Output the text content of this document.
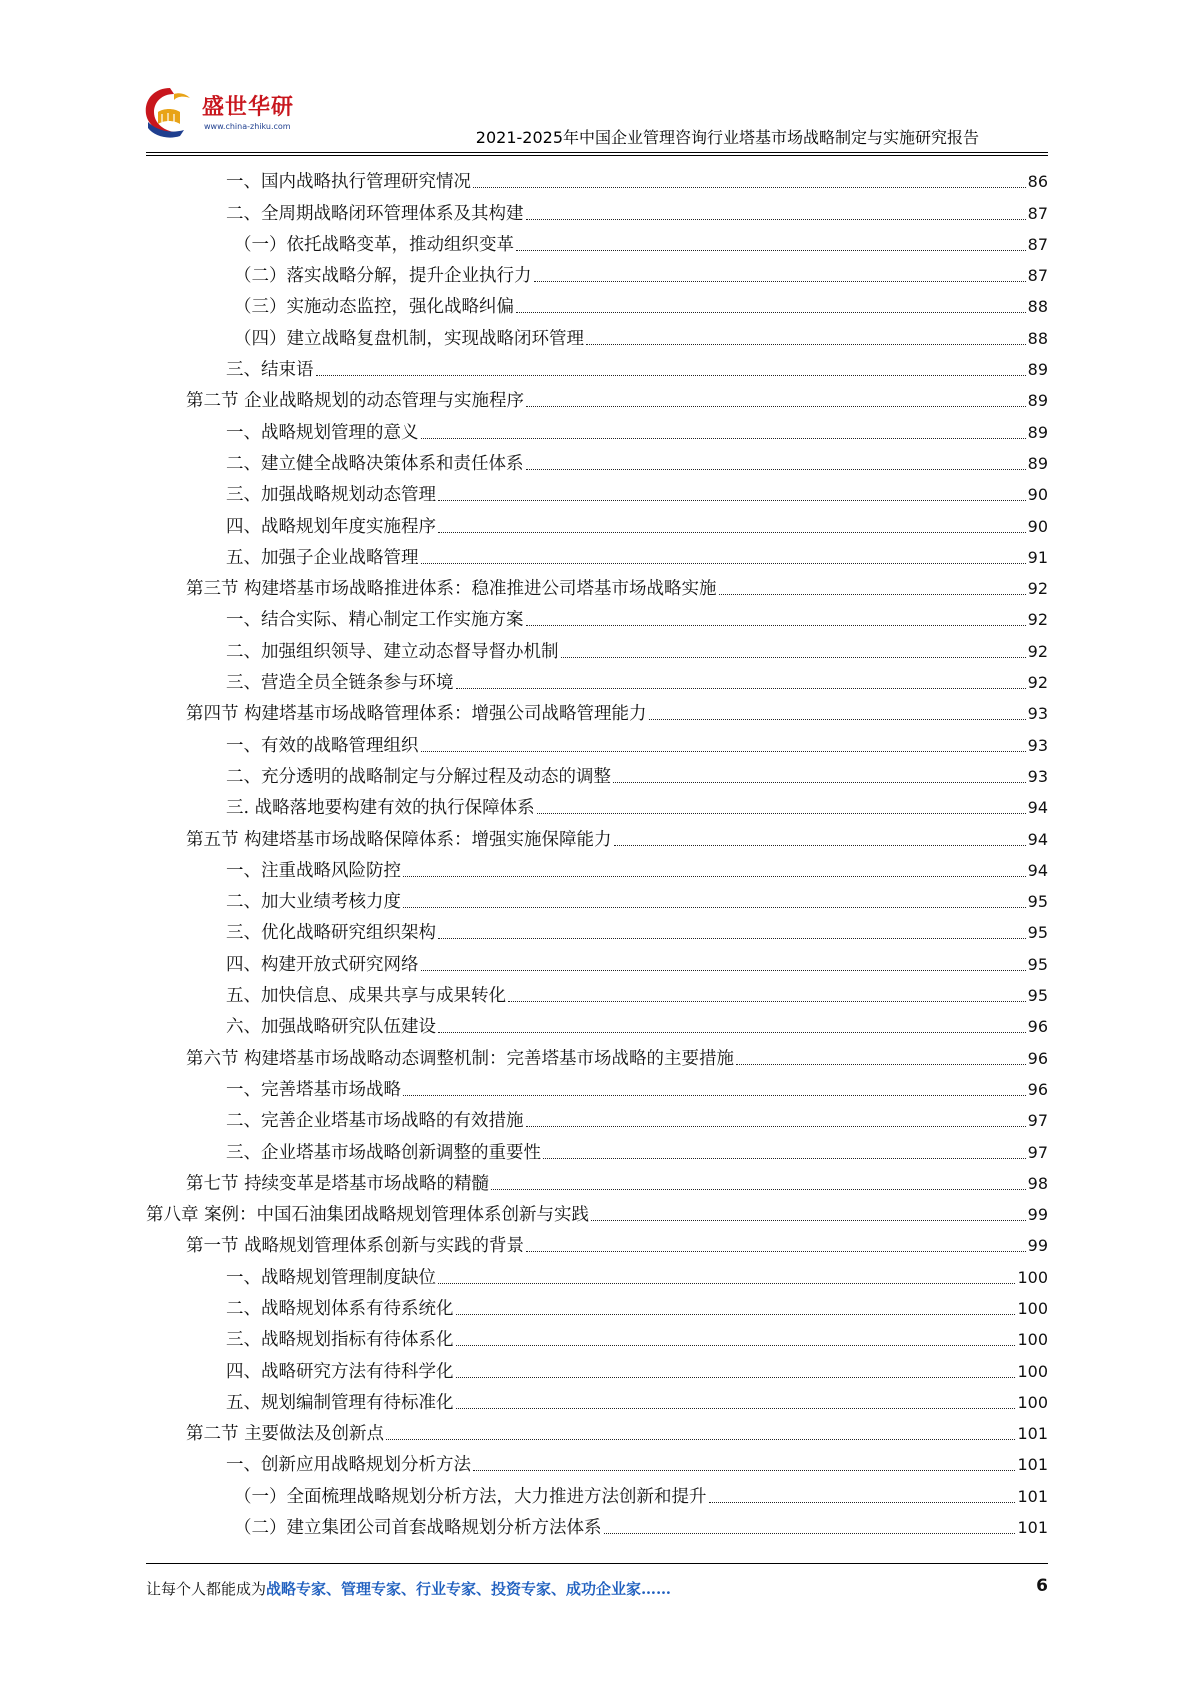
盛世华研
www.china-zhiku.com
2021-2025年中国企业管理咨询行业塔基市场战略制定与实施研究报告
一、国内战略执行管理研究情况	86
二、全周期战略闭环管理体系及其构建	87
（一）依托战略变革，推动组织变革	87
（二）落实战略分解，提升企业执行力	87
（三）实施动态监控，强化战略纠偏	88
（四）建立战略复盘机制，实现战略闭环管理	88
三、结束语	89
第二节 企业战略规划的动态管理与实施程序	89
一、战略规划管理的意义	89
二、建立健全战略决策体系和责任体系	89
三、加强战略规划动态管理	90
四、战略规划年度实施程序	90
五、加强子企业战略管理	91
第三节 构建塔基市场战略推进体系：稳准推进公司塔基市场战略实施	92
一、结合实际、精心制定工作实施方案	92
二、加强组织领导、建立动态督导督办机制	92
三、营造全员全链条参与环境	92
第四节 构建塔基市场战略管理体系：增强公司战略管理能力	93
一、有效的战略管理组织	93
二、充分透明的战略制定与分解过程及动态的调整	93
三. 战略落地要构建有效的执行保障体系	94
第五节 构建塔基市场战略保障体系：增强实施保障能力	94
一、注重战略风险防控	94
二、加大业绩考核力度	95
三、优化战略研究组织架构	95
四、构建开放式研究网络	95
五、加快信息、成果共享与成果转化	95
六、加强战略研究队伍建设	96
第六节 构建塔基市场战略动态调整机制：完善塔基市场战略的主要措施	96
一、完善塔基市场战略	96
二、完善企业塔基市场战略的有效措施	97
三、企业塔基市场战略创新调整的重要性	97
第七节 持续变革是塔基市场战略的精髓	98
第八章 案例：中国石油集团战略规划管理体系创新与实践	99
第一节 战略规划管理体系创新与实践的背景	99
一、战略规划管理制度缺位	100
二、战略规划体系有待系统化	100
三、战略规划指标有待体系化	100
四、战略研究方法有待科学化	100
五、规划编制管理有待标准化	100
第二节 主要做法及创新点	101
一、创新应用战略规划分析方法	101
（一）全面梳理战略规划分析方法，大力推进方法创新和提升	101
（二）建立集团公司首套战略规划分析方法体系	101
让每个人都能成为战略专家、管理专家、行业专家、投资专家、成功企业家……	6
